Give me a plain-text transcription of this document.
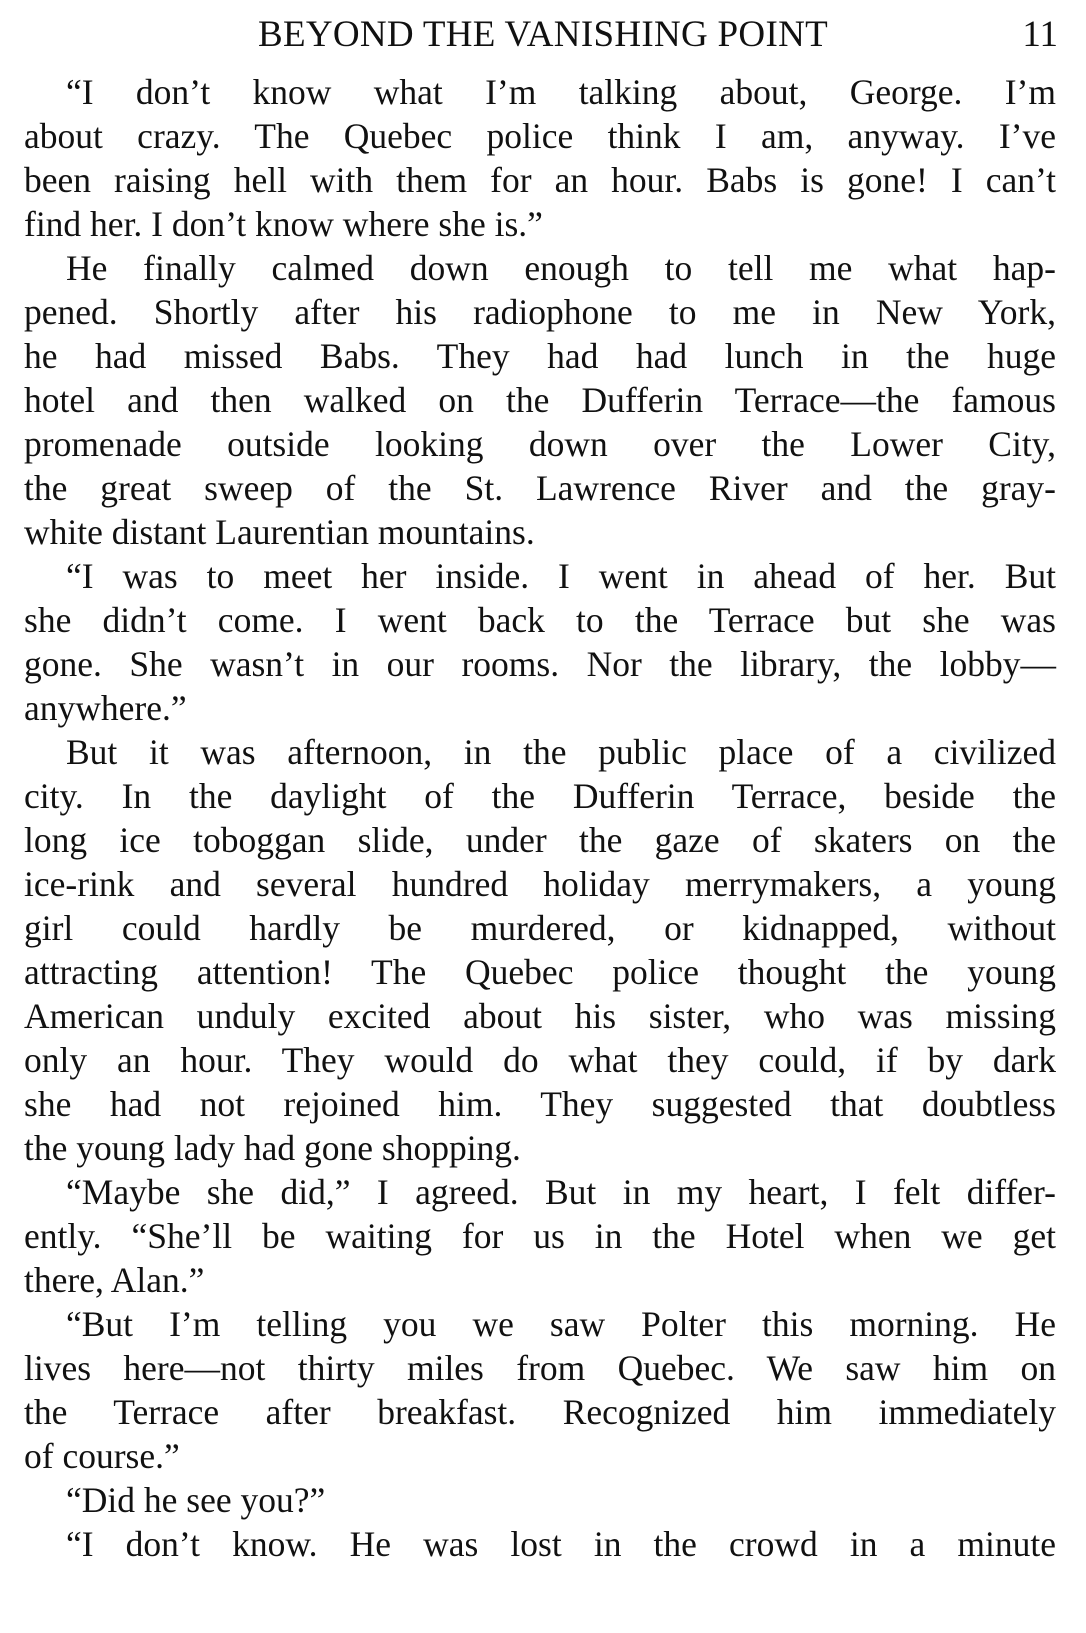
BEYOND THE VANISHING POINT	11
“I don’t know what I’m talking about, George. I’m
about crazy. The Quebec police think I am, anyway. I’ve
been raising hell with them for an hour. Babs is gone! I can’t
find her. I don’t know where she is.”
He finally calmed down enough to tell me what hap-
pened. Shortly after his radiophone to me in New York,
he had missed Babs. They had had lunch in the huge
hotel and then walked on the Dufferin Terrace—the famous
promenade outside looking down over the Lower City,
the great sweep of the St. Lawrence River and the gray-
white distant Laurentian mountains.
“I was to meet her inside. I went in ahead of her. But
she didn’t come. I went back to the Terrace but she was
gone. She wasn’t in our rooms. Nor the library, the lobby—
anywhere.”
But it was afternoon, in the public place of a civilized
city. In the daylight of the Dufferin Terrace, beside the
long ice toboggan slide, under the gaze of skaters on the
ice-rink and several hundred holiday merrymakers, a young
girl could hardly be murdered, or kidnapped, without
attracting attention! The Quebec police thought the young
American unduly excited about his sister, who was missing
only an hour. They would do what they could, if by dark
she had not rejoined him. They suggested that doubtless
the young lady had gone shopping.
“Maybe she did,” I agreed. But in my heart, I felt differ-
ently. “She’ll be waiting for us in the Hotel when we get
there, Alan.”
“But I’m telling you we saw Polter this morning. He
lives here—not thirty miles from Quebec. We saw him on
the Terrace after breakfast. Recognized him immediately
of course.”
“Did he see you?”
“I don’t know. He was lost in the crowd in a minute
